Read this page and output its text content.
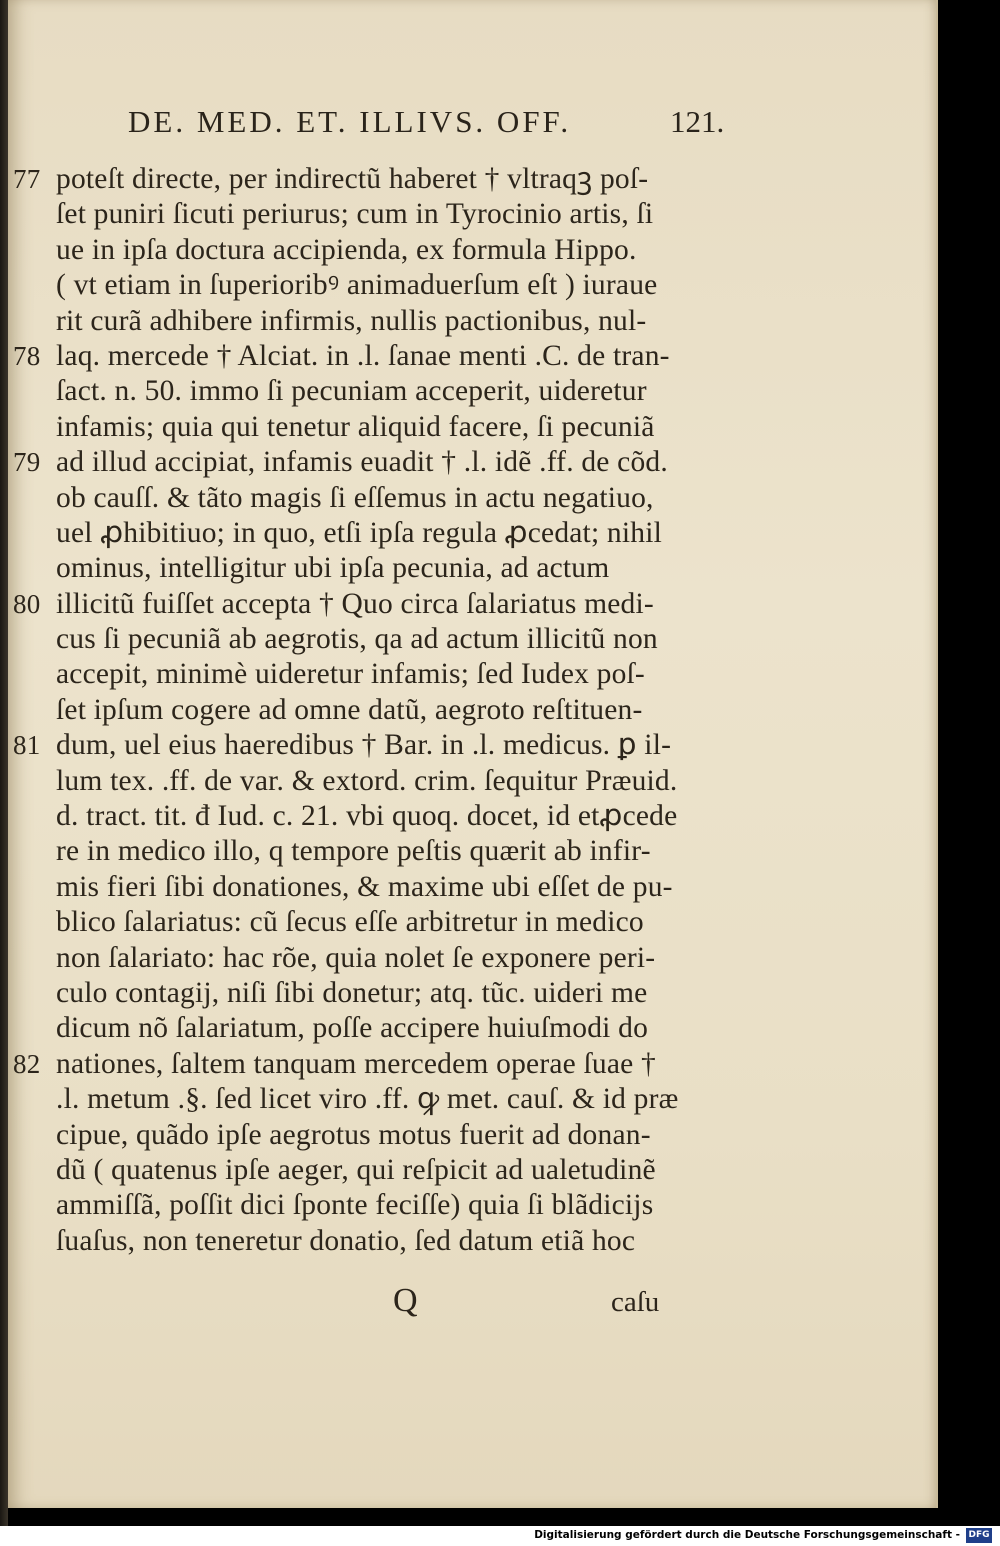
DE. MED. ET. ILLIVS. OFF.	121.
77 poteſt directe, per indirectũ haberet † vltraqꝫ poſ-
ſet puniri ſicuti periurus; cum in Tyrocinio artis, ſi
ue in ipſa doctura accipienda, ex formula Hippo.
( vt etiam in ſuperioribꝰ animaduerſum eſt ) iurauе
rit curã adhibere infirmis, nullis pactionibus, nul-
78 laq. mercede † Alciat. in .l. ſanae menti .C. de tran-
ſact. n. 50. immo ſi pecuniam acceperit, uideretur
infamis; quia qui tenetur aliquid facere, ſi pecuniã
79 ad illud accipiat, infamis euadit † .l. idẽ .ff. de cõd.
ob cauſſ. & tãto magis ſi eſſemus in actu negatiuo,
uel ꝓhibitiuo; in quo, etſi ipſa regula ꝓcedat; nihil
ominus, intelligitur ubi ipſa pecunia, ad actum
80 illicitũ fuiſſet accepta † Quo circa ſalariatus medi-
cus ſi pecuniã ab aegrotis, qa ad actum illicitũ non
accepit, minimè uideretur infamis; ſed Iudex poſ-
ſet ipſum cogere ad omne datũ, aegroto reſtituen-
81 dum, uel eius haeredibus † Bar. in .l. medicus. ꝑ il-
lum tex. .ff. de var. & extord. crim. ſequitur Præuid.
d. tract. tit. đ Iud. c. 21. vbi quoq. docet, id etꝓcede
re in medico illo, q tempore peſtis quærit ab infir-
mis fieri ſibi donationes, & maxime ubi eſſet de pu-
blico ſalariatus: cũ ſecus eſſe arbitretur in medico
non ſalariato: hac rõe, quia nolet ſe exponere peri-
culo contagij, niſi ſibi donetur; atq. tũc. uideri me
dicum nõ ſalariatum, poſſe accipere huiuſmodi do
82 nationes, ſaltem tanquam mercedem operae ſuae †
.l. metum .§. ſed licet viro .ff. ꝙ met. cauſ. & id præ
cipue, quãdo ipſe aegrotus motus fuerit ad donan-
dũ ( quatenus ipſe aeger, qui reſpicit ad ualetudinẽ
ammiſſã, poſſit dici ſponte feciſſe) quia ſi blãdicijs
ſuaſus, non teneretur donatio, ſed datum etiã hoc
Q	caſu
Digitalisierung gefördert durch die Deutsche Forschungsgemeinschaft - DFG
